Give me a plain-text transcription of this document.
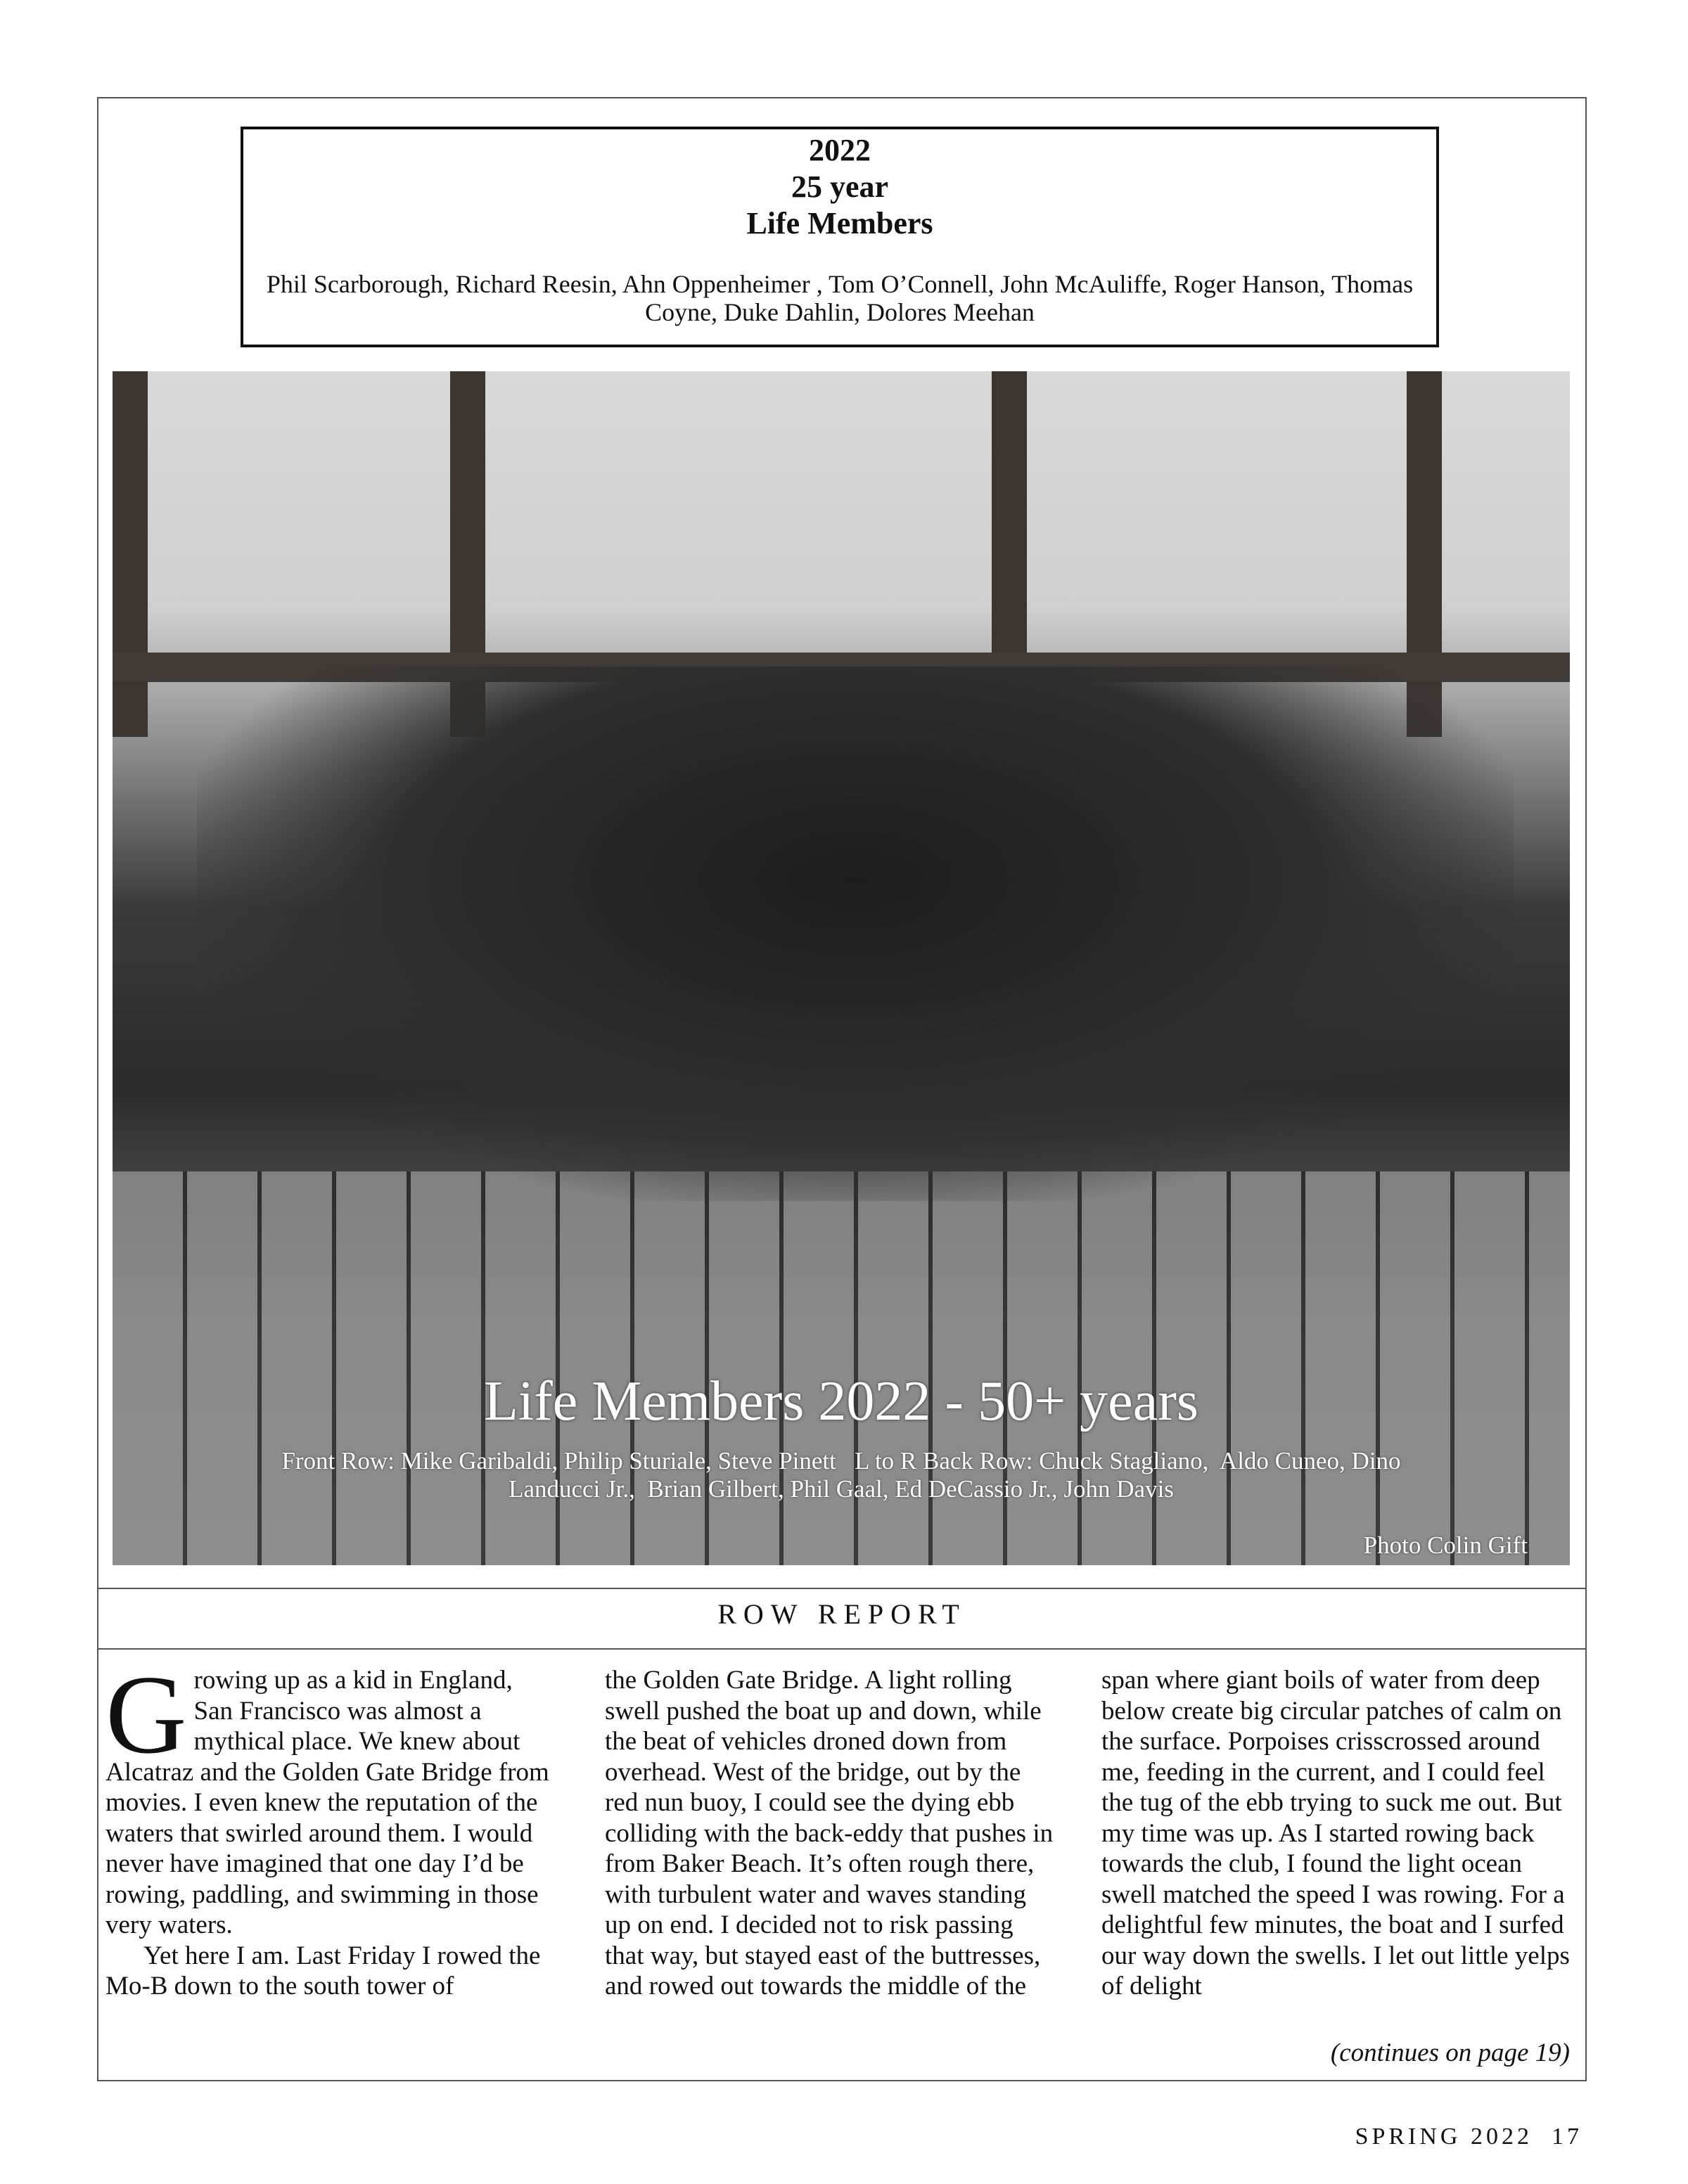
2022
25 year
Life Members
Phil Scarborough, Richard Reesin, Ahn Oppenheimer , Tom O’Connell, John McAuliffe, Roger Hanson, Thomas Coyne, Duke Dahlin, Dolores Meehan
Life Members 2022 - 50+ years
Front Row: Mike Garibaldi, Philip Sturiale, Steve Pinett   L to R Back Row: Chuck Stagliano,  Aldo Cuneo, Dino
Landucci Jr.,  Brian Gilbert, Phil Gaal, Ed DeCassio Jr., John Davis
Photo Colin Gift
ROW REPORT

Growing up as a kid in England, San Francisco was almost a mythical place. We knew about Alcatraz and the Golden Gate Bridge from movies. I even knew the reputation of the waters that swirled around them. I would never have imagined that one day I’d be rowing, paddling, and swimming in those very waters.

Yet here I am. Last Friday I rowed the Mo-B down to the south tower of

the Golden Gate Bridge. A light rolling swell pushed the boat up and down, while the beat of vehicles droned down from overhead. West of the bridge, out by the red nun buoy, I could see the dying ebb colliding with the back-eddy that pushes in from Baker Beach. It’s often rough there, with turbulent water and waves standing up on end. I decided not to risk passing that way, but stayed east of the buttresses, and rowed out towards the middle of the

span where giant boils of water from deep below create big circular patches of calm on the surface. Porpoises crisscrossed around me, feeding in the current, and I could feel the tug of the ebb trying to suck me out. But my time was up. As I started rowing back towards the club, I found the light ocean swell matched the speed I was rowing. For a delightful few minutes, the boat and I surfed our way down the swells. I let out little yelps of delight

(continues on page 19)
SPRING 2022 17
